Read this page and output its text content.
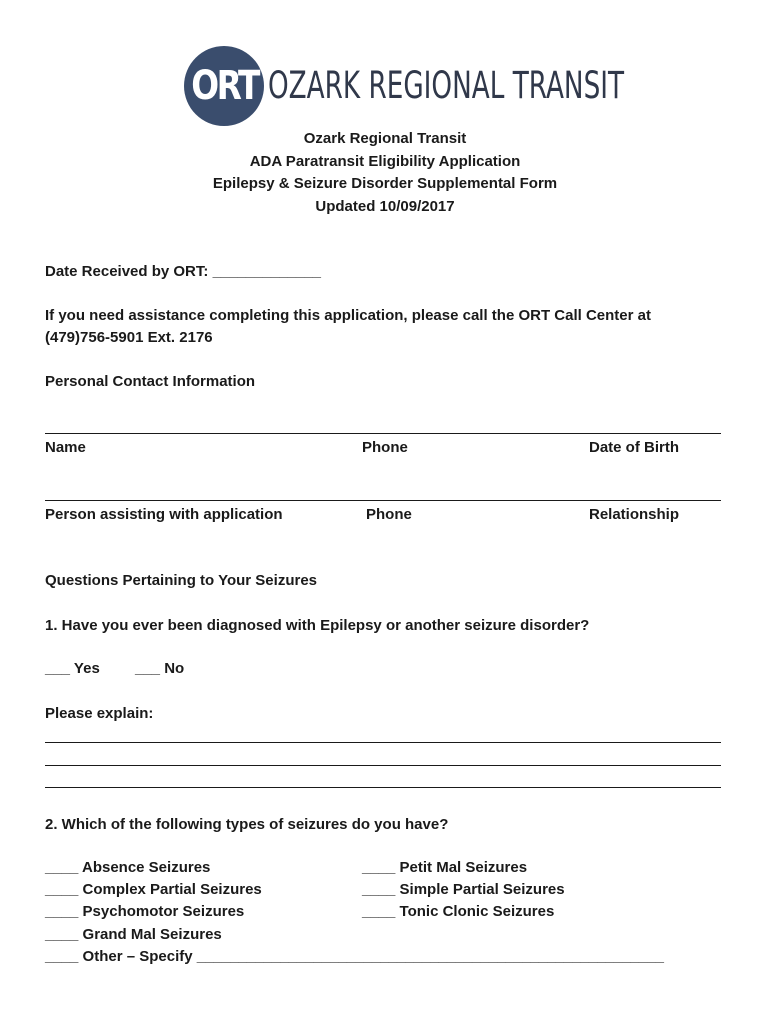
ORT OZARK REGIONAL TRANSIT
Ozark Regional Transit
ADA Paratransit Eligibility Application
Epilepsy & Seizure Disorder Supplemental Form
Updated 10/09/2017
Date Received by ORT: _____________
If you need assistance completing this application, please call the ORT Call Center at
(479)756-5901 Ext. 2176
Personal Contact Information
Name	Phone	Date of Birth
Person assisting with application	Phone	Relationship
Questions Pertaining to Your Seizures
1. Have you ever been diagnosed with Epilepsy or another seizure disorder?
___ Yes ___ No
Please explain:
2. Which of the following types of seizures do you have?
____ Absence Seizures
____ Complex Partial Seizures
____ Psychomotor Seizures
____ Grand Mal Seizures
____ Petit Mal Seizures
____ Simple Partial Seizures
____ Tonic Clonic Seizures
____ Other – Specify ________________________________________________________
